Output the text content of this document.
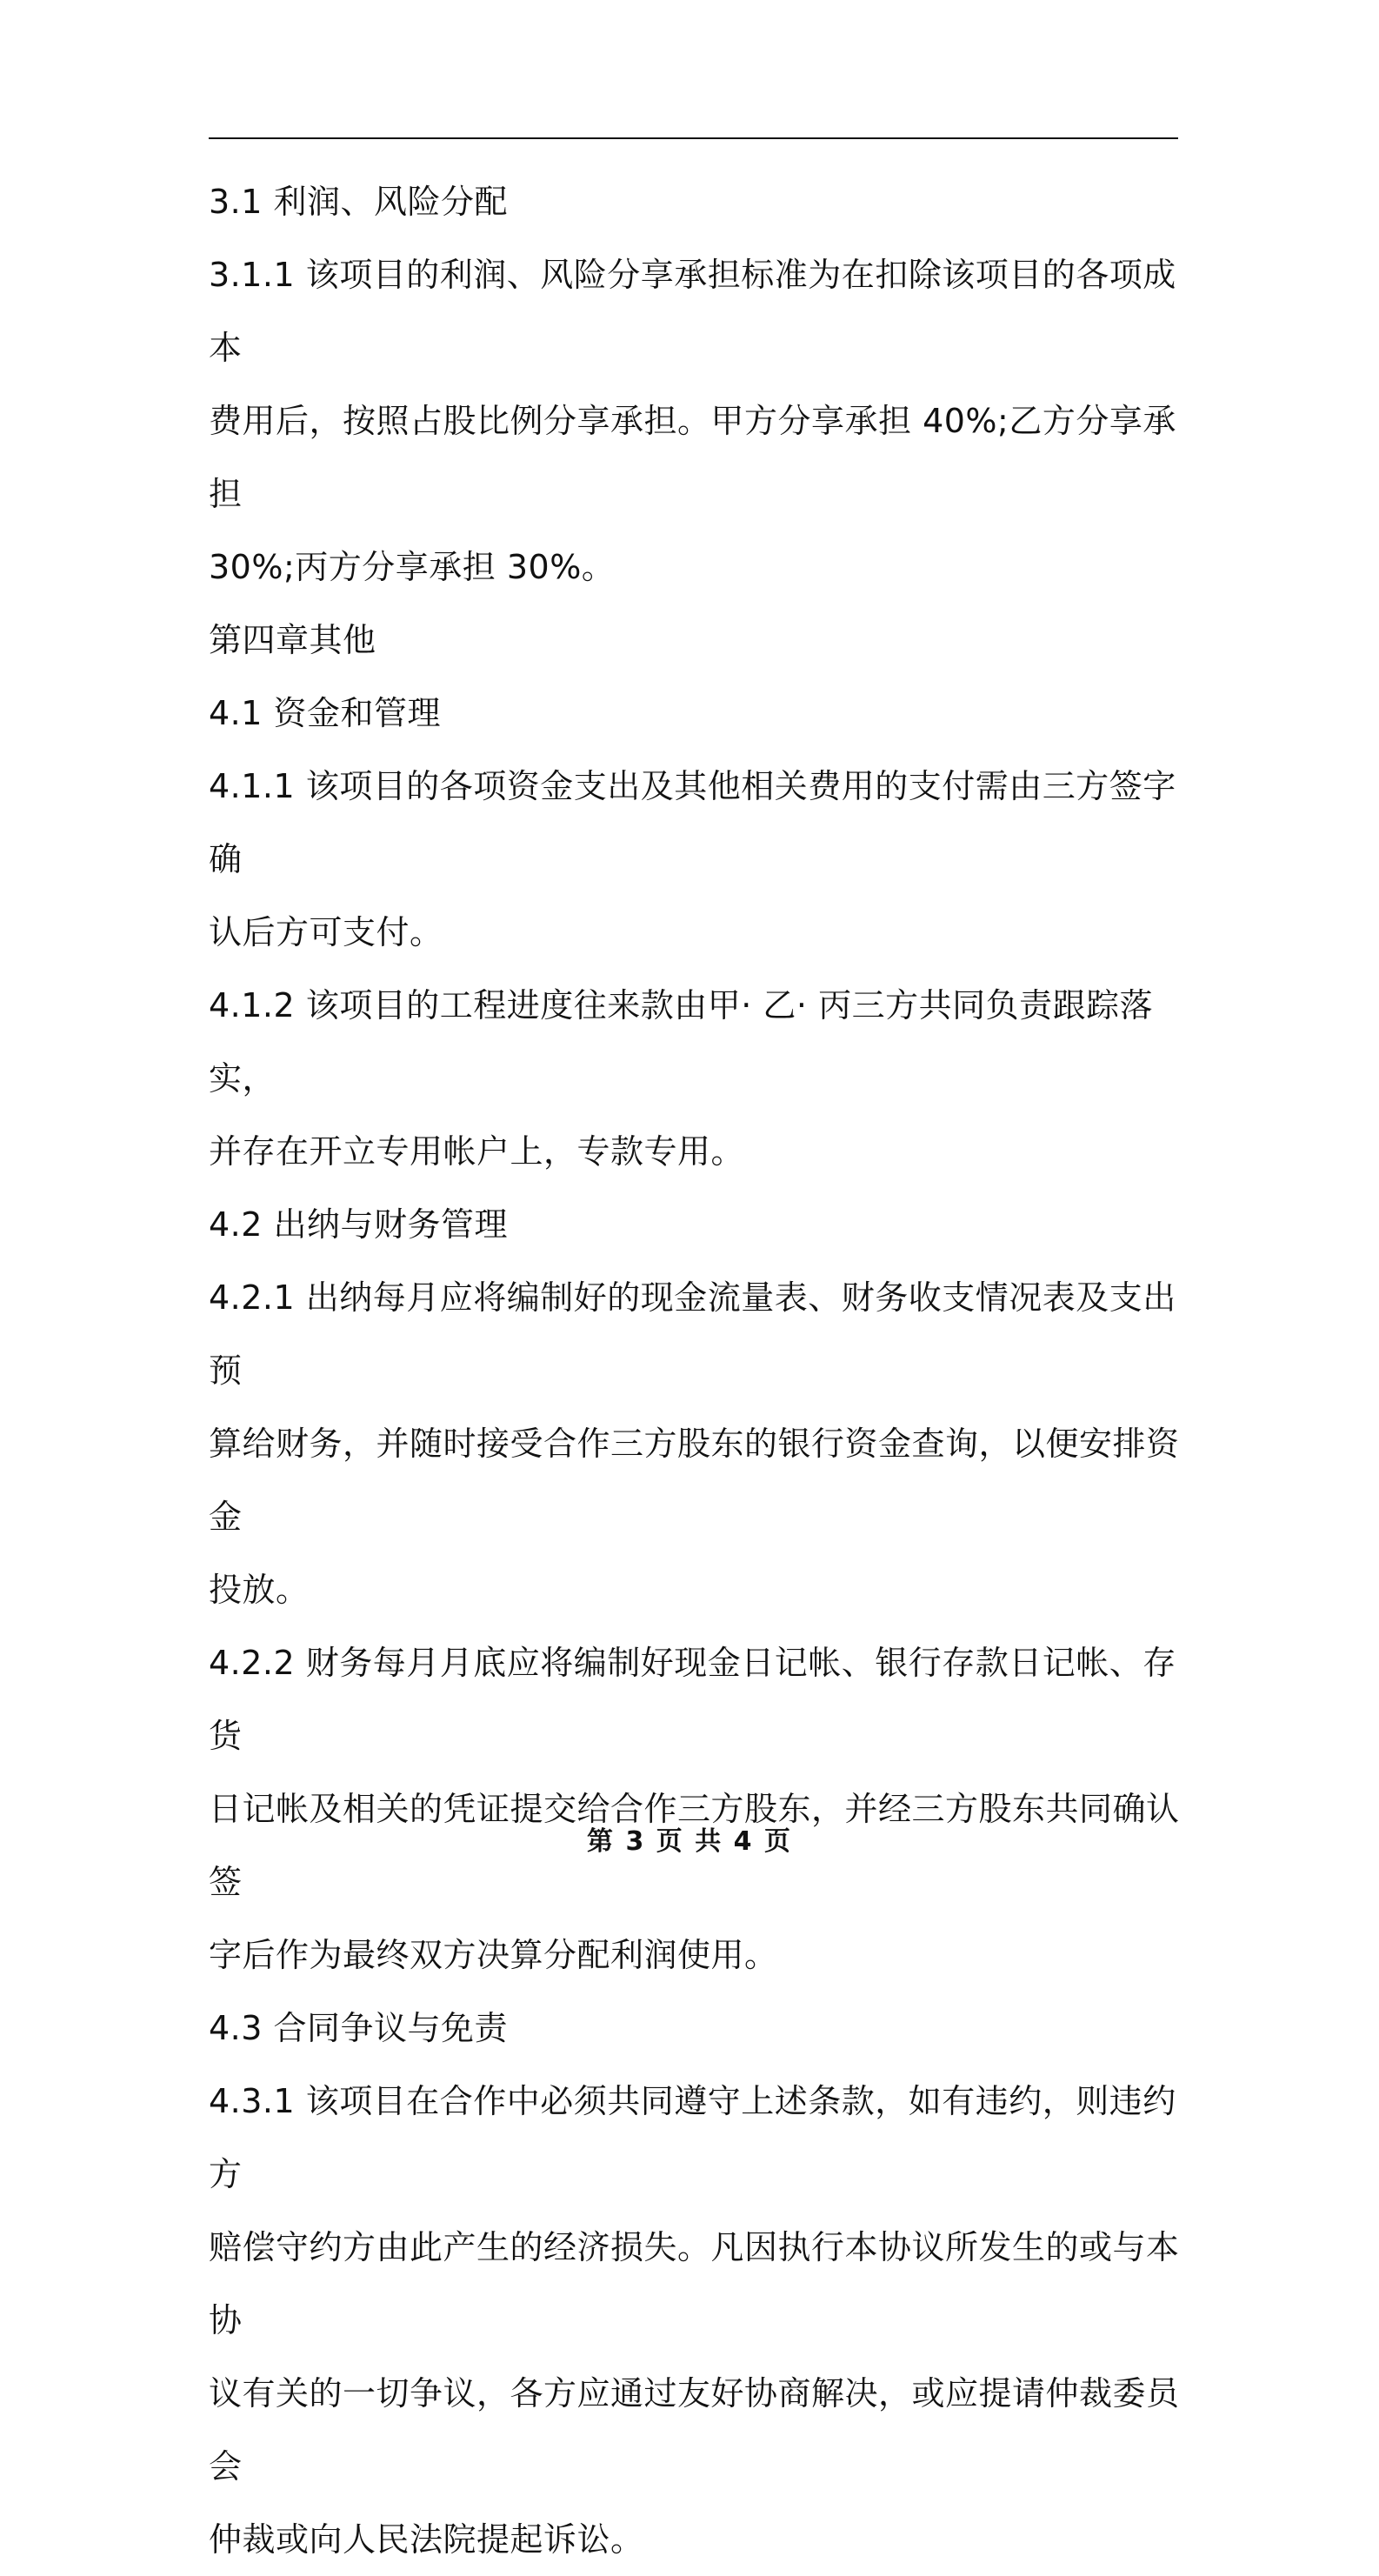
3.1 利润、风险分配

3.1.1 该项目的利润、风险分享承担标准为在扣除该项目的各项成本

费用后，按照占股比例分享承担。甲方分享承担 40%;乙方分享承担

30%;丙方分享承担 30%。

第四章其他

4.1 资金和管理

4.1.1 该项目的各项资金支出及其他相关费用的支付需由三方签字确

认后方可支付。

4.1.2 该项目的工程进度往来款由甲· 乙· 丙三方共同负责跟踪落实，

并存在开立专用帐户上，专款专用。

4.2 出纳与财务管理

4.2.1 出纳每月应将编制好的现金流量表、财务收支情况表及支出预

算给财务，并随时接受合作三方股东的银行资金查询，以便安排资金

投放。

4.2.2 财务每月月底应将编制好现金日记帐、银行存款日记帐、存货

日记帐及相关的凭证提交给合作三方股东，并经三方股东共同确认签

字后作为最终双方决算分配利润使用。

4.3 合同争议与免责

4.3.1 该项目在合作中必须共同遵守上述条款，如有违约，则违约方

赔偿守约方由此产生的经济损失。凡因执行本协议所发生的或与本协

议有关的一切争议，各方应通过友好协商解决，或应提请仲裁委员会

仲裁或向人民法院提起诉讼。

第 3 页 共 4 页
